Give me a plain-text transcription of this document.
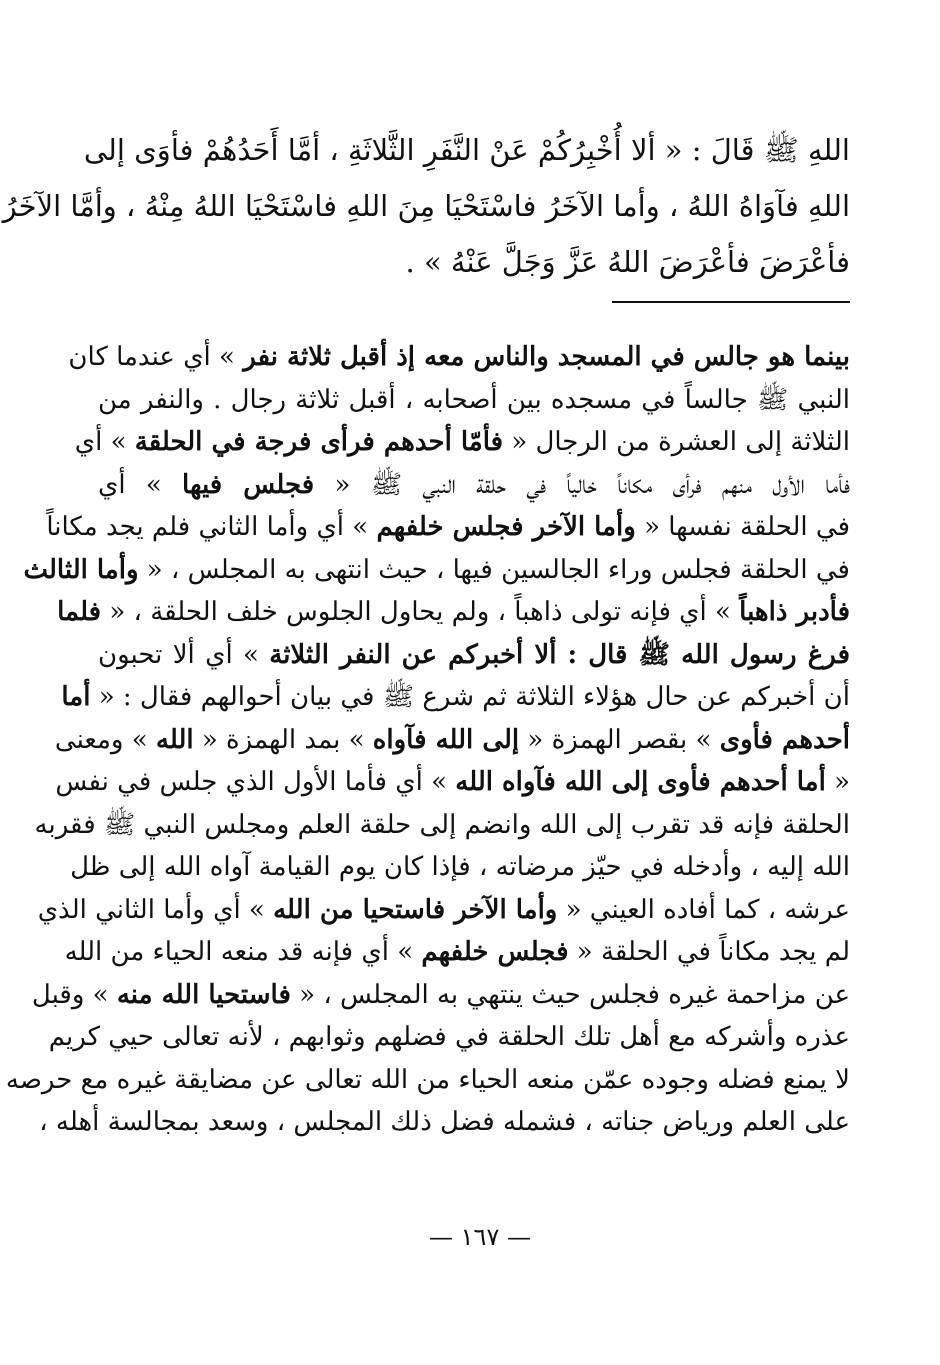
اللهِ ﷺ قَالَ : « ألا أُخْبِرُكُمْ عَنْ النَّفَرِ الثَّلاثَةِ ، أمَّا أَحَدُهُمْ فأوَى إلى
اللهِ فآوَاهُ اللهُ ، وأما الآخَرُ فاسْتَحْيَا مِنَ اللهِ فاسْتَحْيَا اللهُ مِنْهُ ، وأمَّا الآخَرُ
فأعْرَضَ فأعْرَضَ اللهُ عَزَّ وَجَلَّ عَنْهُ » .
بينما هو جالس في المسجد والناس معه إذ أقبل ثلاثة نفر » أي عندما كان
النبي ﷺ جالساً في مسجده بين أصحابه ، أقبل ثلاثة رجال . والنفر من
الثلاثة إلى العشرة من الرجال « فأمّا أحدهم فرأى فرجة في الحلقة » أي
فأما الأول منهم فرأى مكاناً خالياً في حلقة النبي ﷺ « فجلس فيها » أي
في الحلقة نفسها « وأما الآخر فجلس خلفهم » أي وأما الثاني فلم يجد مكاناً
في الحلقة فجلس وراء الجالسين فيها ، حيث انتهى به المجلس ، « وأما الثالث
فأدبر ذاهباً » أي فإنه تولى ذاهباً ، ولم يحاول الجلوس خلف الحلقة ، « فلما
فرغ رسول الله ﷺ قال : ألا أخبركم عن النفر الثلاثة » أي ألا تحبون
أن أخبركم عن حال هؤلاء الثلاثة ثم شرع ﷺ في بيان أحوالهم فقال : « أما
أحدهم فأوى » بقصر الهمزة « إلى الله فآواه » بمد الهمزة « الله » ومعنى
« أما أحدهم فأوى إلى الله فآواه الله » أي فأما الأول الذي جلس في نفس
الحلقة فإنه قد تقرب إلى الله وانضم إلى حلقة العلم ومجلس النبي ﷺ فقربه
الله إليه ، وأدخله في حيّز مرضاته ، فإذا كان يوم القيامة آواه الله إلى ظل
عرشه ، كما أفاده العيني « وأما الآخر فاستحيا من الله » أي وأما الثاني الذي
لم يجد مكاناً في الحلقة « فجلس خلفهم » أي فإنه قد منعه الحياء من الله
عن مزاحمة غيره فجلس حيث ينتهي به المجلس ، « فاستحيا الله منه » وقبل
عذره وأشركه مع أهل تلك الحلقة في فضلهم وثوابهم ، لأنه تعالى حيي كريم
لا يمنع فضله وجوده عمّن منعه الحياء من الله تعالى عن مضايقة غيره مع حرصه
على العلم ورياض جناته ، فشمله فضل ذلك المجلس ، وسعد بمجالسة أهله ،
— ١٦٧ —
